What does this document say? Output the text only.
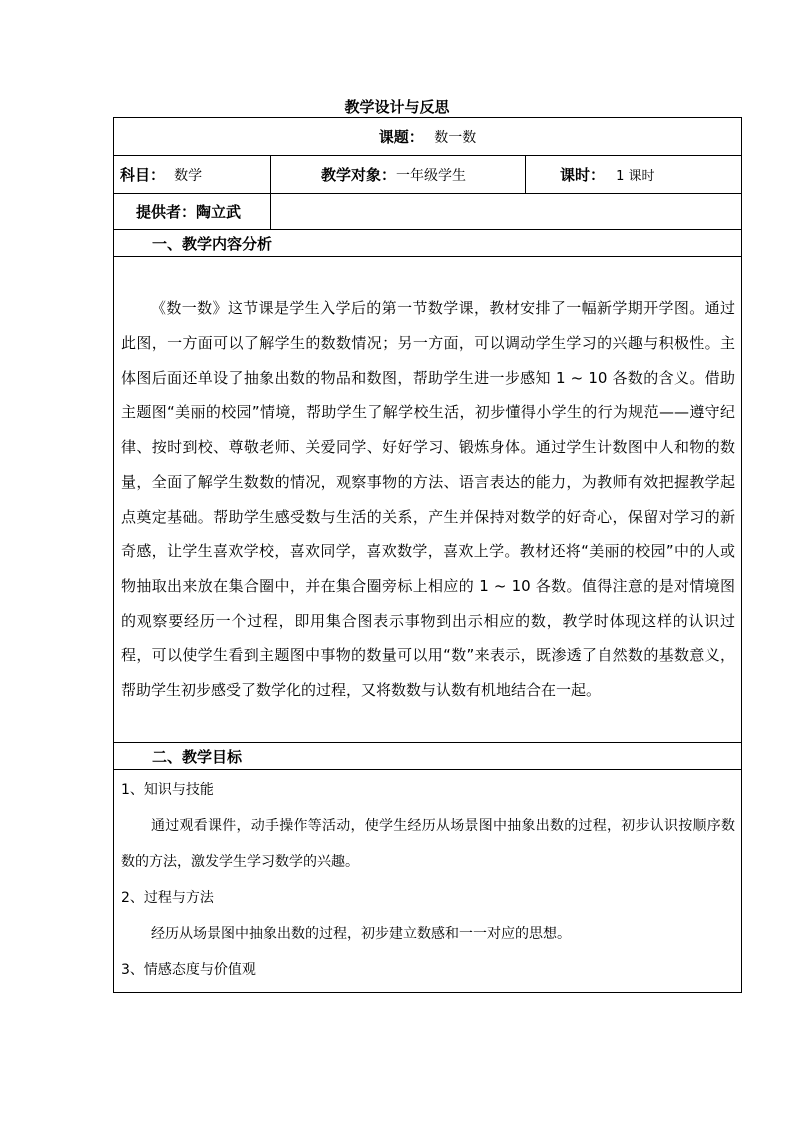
教学设计与反思
课题： 数一数		
科目： 数学	教学对象：一年级学生	课时： 1 课时
提供者：陶立武		
一、教学内容分析		
《数一数》这节课是学生入学后的第一节数学课，教材安排了一幅新学期开学图。通过此图，一方面可以了解学生的数数情况；另一方面，可以调动学生学习的兴趣与积极性。主体图后面还单设了抽象出数的物品和数图，帮助学生进一步感知 1 ~ 10 各数的含义。借助主题图“美丽的校园”情境，帮助学生了解学校生活，初步懂得小学生的行为规范——遵守纪律、按时到校、尊敬老师、关爱同学、好好学习、锻炼身体。通过学生计数图中人和物的数量，全面了解学生数数的情况，观察事物的方法、语言表达的能力，为教师有效把握教学起点奠定基础。帮助学生感受数与生活的关系，产生并保持对数学的好奇心，保留对学习的新奇感，让学生喜欢学校，喜欢同学，喜欢数学，喜欢上学。教材还将“美丽的校园”中的人或物抽取出来放在集合圈中，并在集合圈旁标上相应的 1 ~ 10 各数。值得注意的是对情境图的观察要经历一个过程，即用集合图表示事物到出示相应的数，教学时体现这样的认识过程，可以使学生看到主题图中事物的数量可以用“数”来表示，既渗透了自然数的基数意义，帮助学生初步感受了数学化的过程，又将数数与认数有机地结合在一起。		
二、教学目标		

1、知识与技能
通过观看课件，动手操作等活动，使学生经历从场景图中抽象出数的过程，初步认识按顺序数数的方法，激发学生学习数学的兴趣。
2、过程与方法
经历从场景图中抽象出数的过程，初步建立数感和一一对应的思想。
3、情感态度与价值观		
